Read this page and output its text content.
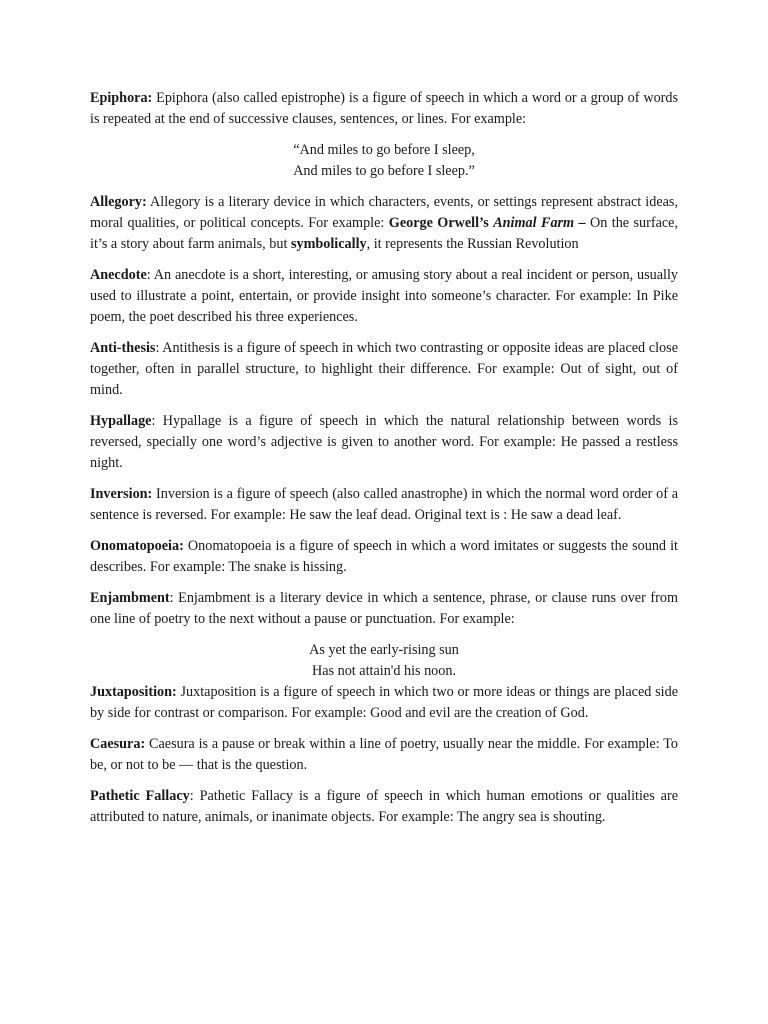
Epiphora: Epiphora (also called epistrophe) is a figure of speech in which a word or a group of words is repeated at the end of successive clauses, sentences, or lines. For example:

“And miles to go before I sleep,
And miles to go before I sleep.”

Allegory: Allegory is a literary device in which characters, events, or settings represent abstract ideas, moral qualities, or political concepts. For example: George Orwell’s Animal Farm – On the surface, it’s a story about farm animals, but symbolically, it represents the Russian Revolution

Anecdote: An anecdote is a short, interesting, or amusing story about a real incident or person, usually used to illustrate a point, entertain, or provide insight into someone’s character. For example: In Pike poem, the poet described his three experiences.

Anti-thesis: Antithesis is a figure of speech in which two contrasting or opposite ideas are placed close together, often in parallel structure, to highlight their difference. For example: Out of sight, out of mind.

Hypallage: Hypallage is a figure of speech in which the natural relationship between words is reversed, specially one word’s adjective is given to another word. For example: He passed a restless night.

Inversion: Inversion is a figure of speech (also called anastrophe) in which the normal word order of a sentence is reversed. For example: He saw the leaf dead. Original text is : He saw a dead leaf.

Onomatopoeia: Onomatopoeia is a figure of speech in which a word imitates or suggests the sound it describes. For example: The snake is hissing.

Enjambment: Enjambment is a literary device in which a sentence, phrase, or clause runs over from one line of poetry to the next without a pause or punctuation. For example:

As yet the early-rising sun
Has not attain'd his noon.

Juxtaposition: Juxtaposition is a figure of speech in which two or more ideas or things are placed side by side for contrast or comparison. For example: Good and evil are the creation of God.

Caesura: Caesura is a pause or break within a line of poetry, usually near the middle. For example: To be, or not to be — that is the question.

Pathetic Fallacy: Pathetic Fallacy is a figure of speech in which human emotions or qualities are attributed to nature, animals, or inanimate objects. For example: The angry sea is shouting.
